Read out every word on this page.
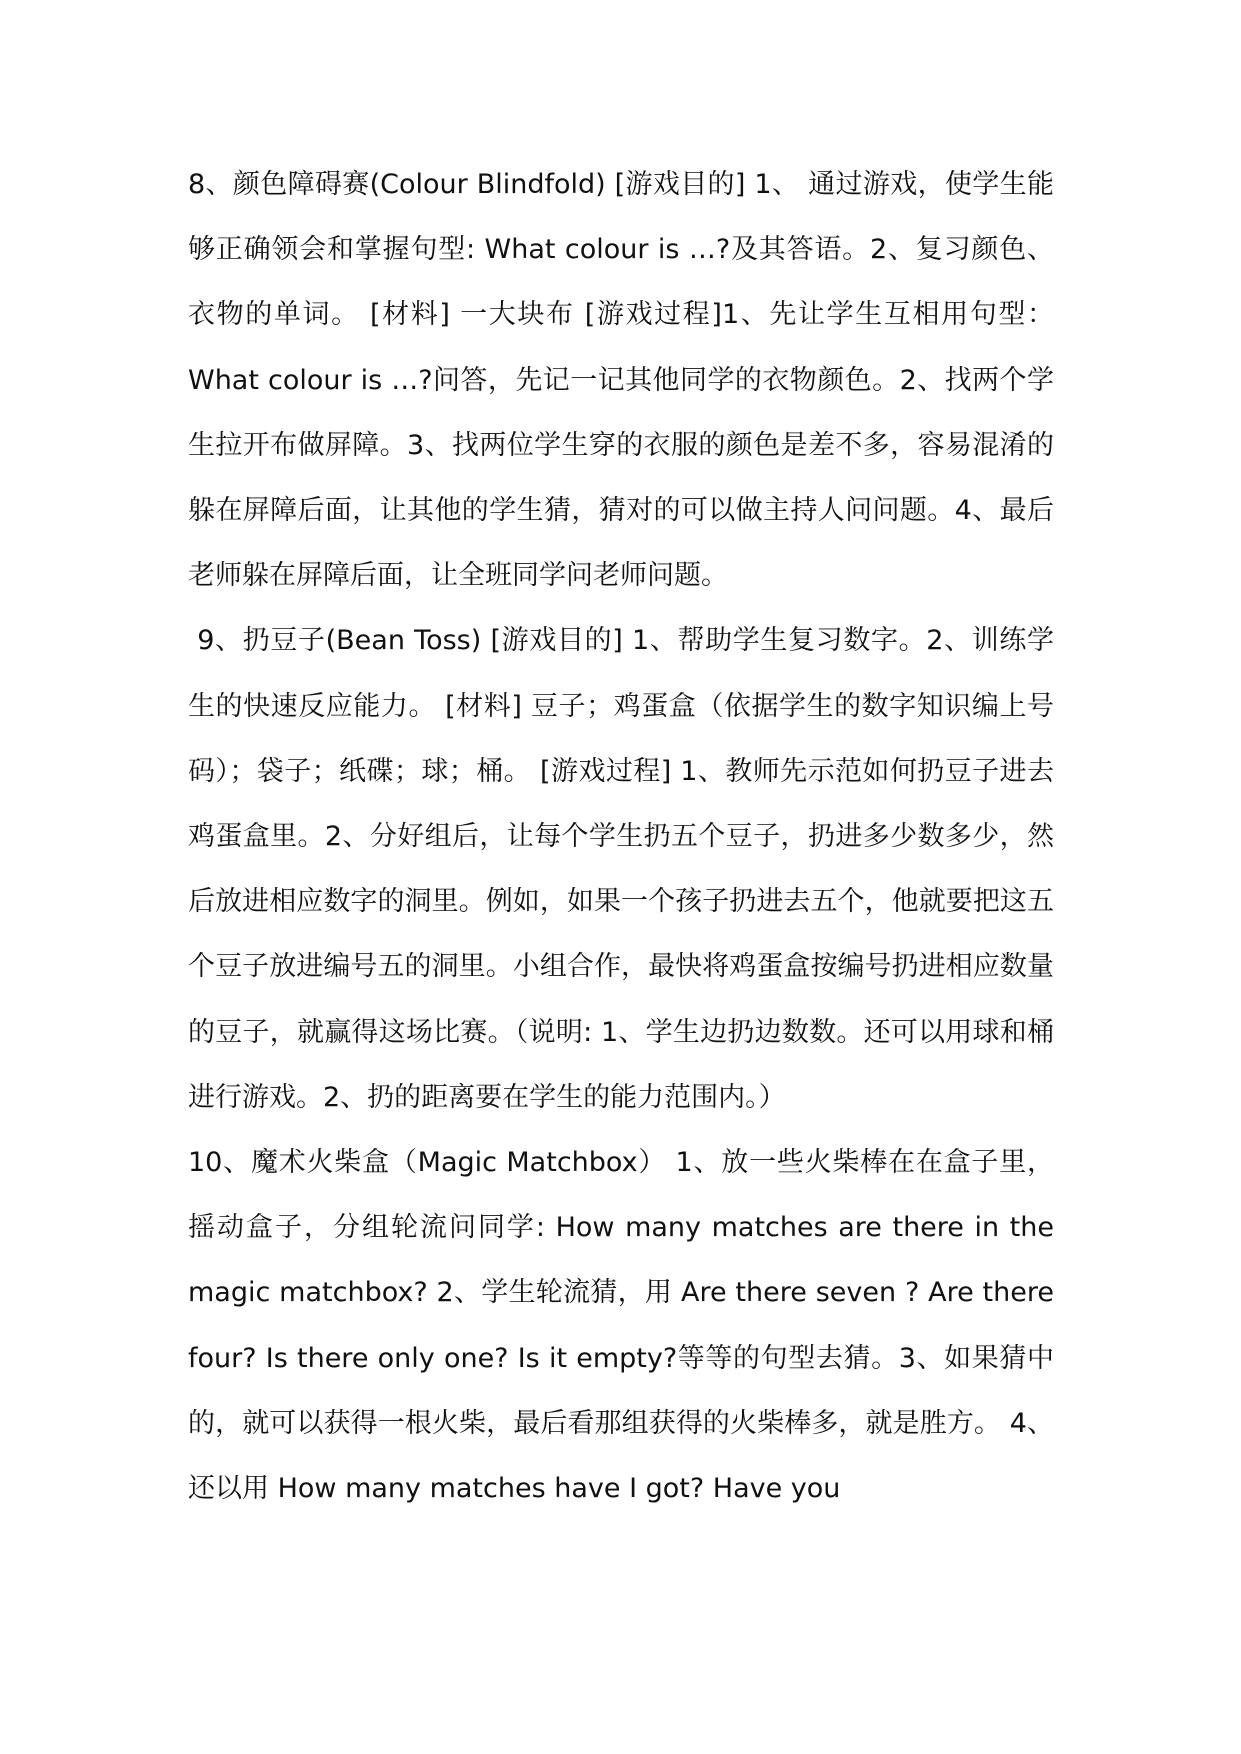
8、颜色障碍赛(Colour Blindfold) [游戏目的] 1、 通过游戏，使学生能够正确领会和掌握句型: What colour is …?及其答语。2、复习颜色、衣物的单词。 [材料] 一大块布 [游戏过程]1、先让学生互相用句型：What colour is …?问答，先记一记其他同学的衣物颜色。2、找两个学生拉开布做屏障。3、找两位学生穿的衣服的颜色是差不多，容易混淆的躲在屏障后面，让其他的学生猜，猜对的可以做主持人问问题。4、最后老师躲在屏障后面，让全班同学问老师问题。

9、扔豆子(Bean Toss) [游戏目的] 1、帮助学生复习数字。2、训练学生的快速反应能力。 [材料] 豆子；鸡蛋盒（依据学生的数字知识编上号码）；袋子；纸碟；球；桶。 [游戏过程] 1、教师先示范如何扔豆子进去鸡蛋盒里。2、分好组后，让每个学生扔五个豆子，扔进多少数多少，然后放进相应数字的洞里。例如，如果一个孩子扔进去五个，他就要把这五个豆子放进编号五的洞里。小组合作，最快将鸡蛋盒按编号扔进相应数量的豆子，就赢得这场比赛。（说明: 1、学生边扔边数数。还可以用球和桶进行游戏。2、扔的距离要在学生的能力范围内。）

10、魔术火柴盒（Magic Matchbox） 1、放一些火柴棒在在盒子里，摇动盒子，分组轮流问同学: How many matches are there in the magic matchbox? 2、学生轮流猜，用 Are there seven ? Are there four? Is there only one? Is it empty?等等的句型去猜。3、如果猜中的，就可以获得一根火柴，最后看那组获得的火柴棒多，就是胜方。 4、还以用 How many matches have I got? Have you
